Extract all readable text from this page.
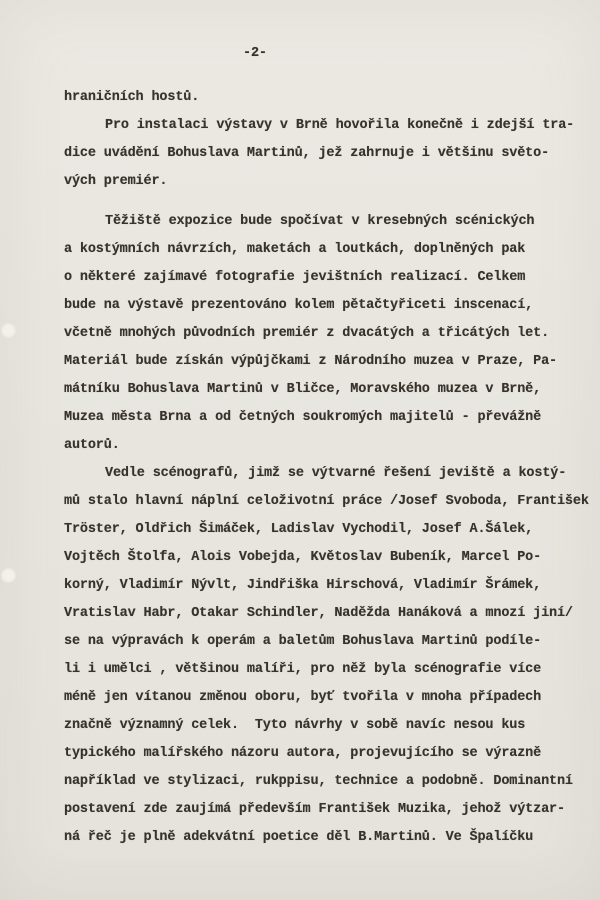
-2-
hraničních hostů.
Pro instalaci výstavy v Brně hovořila konečně i zdejší tra-
dice uvádění Bohuslava Martinů, jež zahrnuje i většinu světo-
vých premiér.
Těžiště expozice bude spočívat v kresebných scénických
a kostýmních návrzích, maketách a loutkách, doplněných pak
o některé zajímavé fotografie jevištních realizací. Celkem
bude na výstavě prezentováno kolem pětačtyřiceti inscenací,
včetně mnohých původních premiér z dvacátých a třicátých let.
Materiál bude získán výpůjčkami z Národního muzea v Praze, Pa-
mátníku Bohuslava Martinů v Bličce, Moravského muzea v Brně,
Muzea města Brna a od četných soukromých majitelů - převážně
autorů.
Vedle scénografů, jimž se výtvarné řešení jeviště a kostý-
mů stalo hlavní náplní celoživotní práce /Josef Svoboda, František
Tröster, Oldřich Šimáček, Ladislav Vychodil, Josef A.Šálek,
Vojtěch Štolfa, Alois Vobejda, Květoslav Bubeník, Marcel Po-
korný, Vladimír Nývlt, Jindřiška Hirschová, Vladimír Šrámek,
Vratislav Habr, Otakar Schindler, Naděžda Hanáková a mnozí jiní/
se na výpravách k operám a baletům Bohuslava Martinů podíle-
li i umělci , většinou malíři, pro něž byla scénografie více
méně jen vítanou změnou oboru, byť tvořila v mnoha případech
značně významný celek.  Tyto návrhy v sobě navíc nesou kus
typického malířského názoru autora, projevujícího se výrazně
například ve stylizaci, rukppisu, technice a podobně. Dominantní
postavení zde zaujímá především František Muzika, jehož výtzar-
ná řeč je plně adekvátní poetice děl B.Martinů. Ve Špalíčku
